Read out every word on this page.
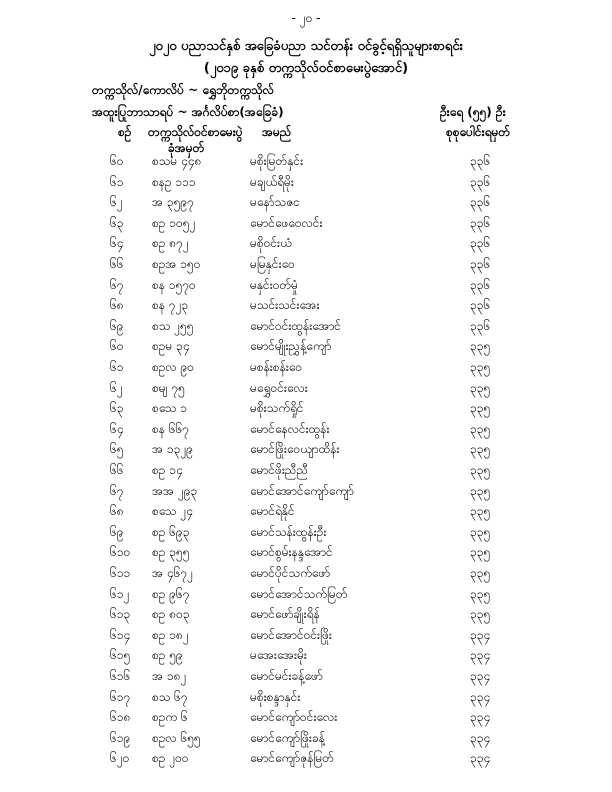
- ၂၀ -
၂၀၂၀ ပညာသင်နှစ် အခြေခံပညာ သင်တန်း ဝင်ခွင့်ရရှိသူများစာရင်း
(၂၀၁၉ ခုနှစ် တက္ကသိုလ်ဝင်စာမေးပွဲအောင်)
တက္ကသိုလ်/ကောလိပ် ~ ရွှေဘိုတက္ကသိုလ်
အထူးပြုဘာသာရပ် ~ အင်္ဂလိပ်စာ(အခြေခံ)	ဦးရေ (၅၅) ဦး
စဉ် တက္ကသိုလ်ဝင်စာမေးပွဲ
ခုံအမှတ်
အမည်	စုစုပေါင်းရမှတ်
၆၀ စသမ ၄၄၈	မစိုးမြတ်နှင်း	၃၃၆
၆၁ စနဥ ၁၁၁	မချယ်ရီမိုး	၃၃၆
၆၂ အ ၃၅၉၇	မနော်သဇင	၃၃၆
၆၃ စဥ ၁၀၅၂	မောင်ဖေဝေလင်း	၃၃၆
၆၄ စဥ ၈၇၂	မစိုဝင်းယံ	၃၃၆
၆၆ စဥအ ၁၅၀	မမြနှင်းဝေ	၃၃၆
၆၇ စန ၁၅၇၀	မနှင်းဝတ်မှုံ	၃၃၆
၆၈ စန ၇၂၃	မသင်းသင်းအေး	၃၃၆
၆၉ စသ ၂၅၅	မောင်ဝင်းထွန်းအောင်	၃၃၆
၆၀ စဥမ ၃၄	မောင်မျိုးညွှန့်ကျော်	၃၃၅
၆၁ စဥလ ၉၀	မစန်းစန်းဝေ	၃၃၅
၆၂ စမျ ၇၅	မရွှေဝင်းလေး	၃၃၅
၆၃ စသေ ၁	မစိုးသက်ရှိုင်	၃၃၅
၆၄ စန ၆၆၇	မောင်နေလင်းထွန်း	၃၃၅
၆၅ အ ၁၃၂၉	မောင်ဖြိုးဝေယျာထိန်း	၃၃၅
၆၆ စဥ ၁၄	မောင်ဖိုးညီညီ	၃၃၅
၆၇ အအ ၂၉၃	မောင်အောင်ကျော်ကျော်	၃၃၅
၆၈ စသေ ၂၄	မောင်ရဲနိုင်	၃၃၅
၆၉ စဥ ၆၉၃	မောင်သန်းထွန်းဦး	၃၃၅
၆၁၀ စဥ ၃၅၅	မောင်စွမ်းနန္ဒအောင်	၃၃၅
၆၁၁ အ ၄၆၇၂	မောင်ပိုင်သက်ဖော်	၃၃၅
၆၁၂ စဥ ၉၆၇	မောင်အောင်သက်မြတ်	၃၃၅
၆၁၃ စဥ ၈၀၃	မောင်ဖော်ချိုးရိန်	၃၃၅
၆၁၄ စဥ ၁၈၂	မောင်အောင်ဝင်းဖြိုး	၃၃၄
၆၁၅ စဥ ၅၉	မအေးအေးမိုး	၃၃၄
၆၁၆ အ ၁၈၂	မောင်မင်းခန့်ဖော်	၃၃၄
၆၁၇ စသ ၆၇	မစိုးစန္ဒာနှင်း	၃၃၄
၆၁၈ စဥက ၆	မောင်ကျော်ဝင်းလေး	၃၃၄
၆၁၉ စဥလ ၆၅၅	မောင်ကျော်ဖြိုးခန့်	၃၃၄
၆၂၀ စဥ ၂၀၀	မောင်ကျော်ဇုန်မြတ်	၃၃၄
